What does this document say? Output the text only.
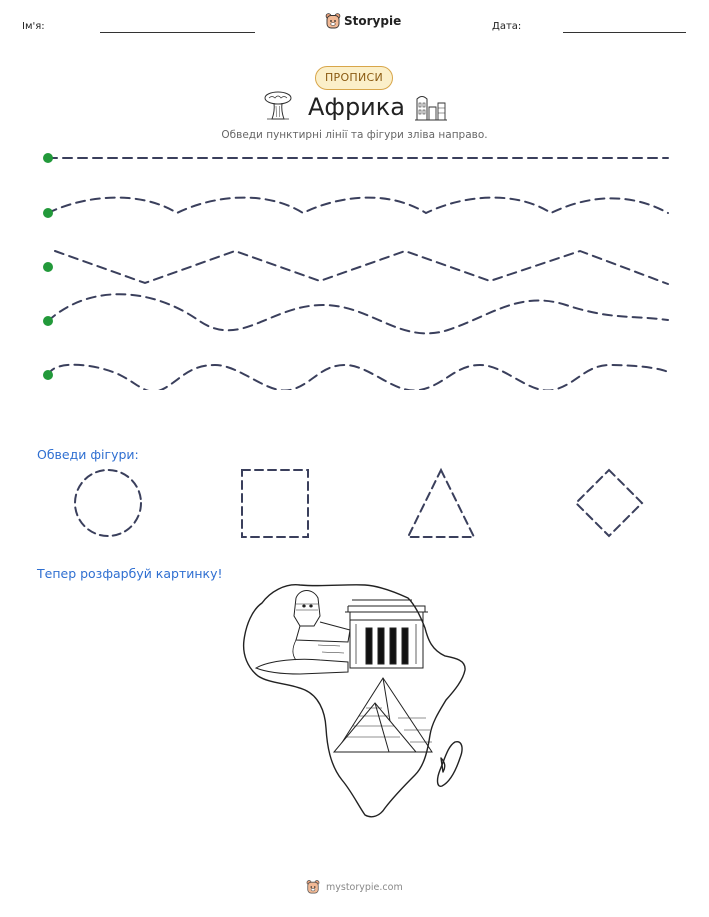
Ім'я:	Storypie	Дата:
ПРОПИСИ
Африка
Обведи пунктирні лінії та фігури зліва направо.
Обведи фігури:
Тепер розфарбуй картинку!
mystorypie.com
